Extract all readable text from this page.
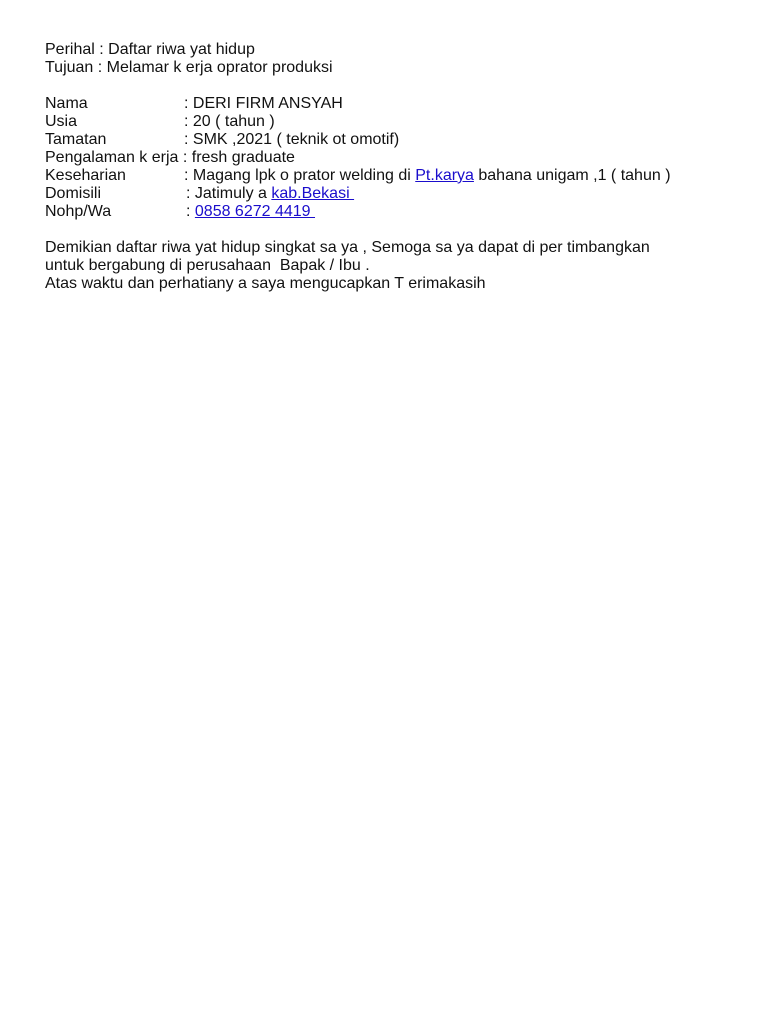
Perihal : Daftar riwa yat hidup
Tujuan : Melamar k erja oprator produksi
Nama	: DERI FIRM ANSYAH
Usia	: 20 ( tahun )
Tamatan	: SMK ,2021 ( teknik ot omotif)
Pengalaman k erja : fresh graduate
Keseharian	: Magang lpk o prator welding di Pt.karya bahana unigam ,1 ( tahun )
Domisili	: Jatimuly a kab.Bekasi
Nohp/Wa	: 0858 6272 4419
Demikian daftar riwa yat hidup singkat sa ya , Semoga sa ya dapat di per timbangkan
untuk bergabung di perusahaan  Bapak / Ibu .
Atas waktu dan perhatiany a saya mengucapkan T erimakasih
